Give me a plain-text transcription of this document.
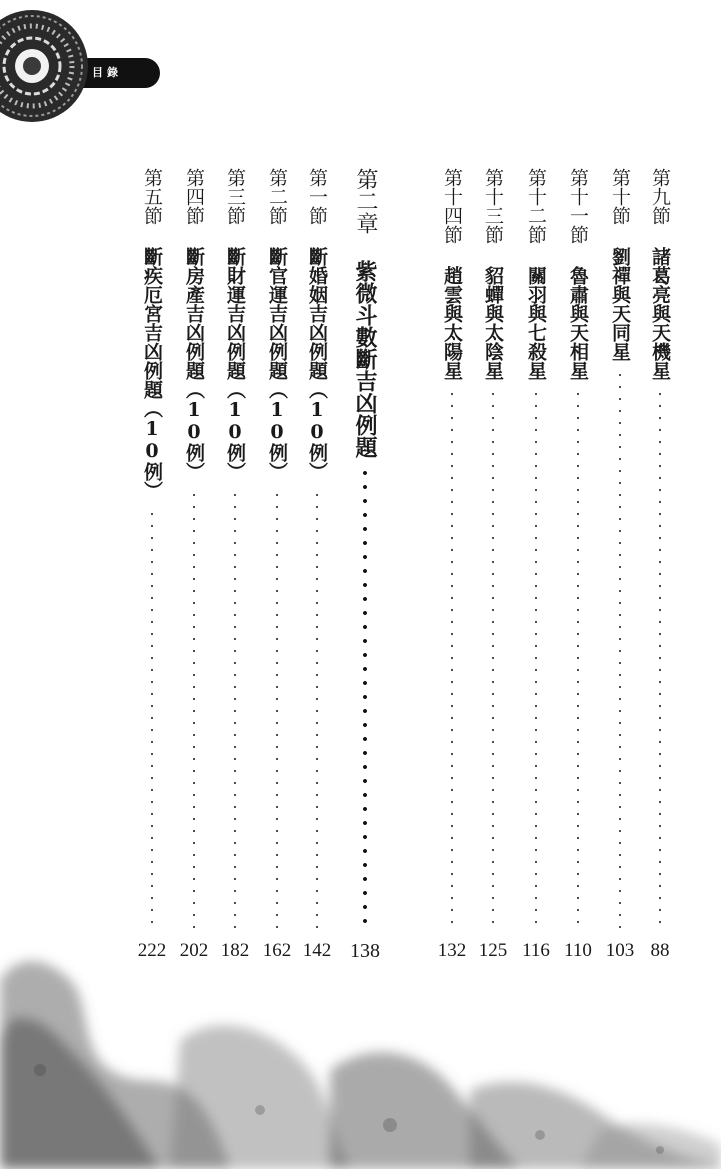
目錄
第九節
諸葛亮與天機星
88
第十節
劉禪與天同星
103
第十一節
魯肅與天相星
110
第十二節
關羽與七殺星
116
第十三節
貂蟬與太陰星
125
第十四節
趙雲與太陽星
132
第二章
紫微斗數斷吉凶例題
138
第一節
斷婚姻吉凶例題（10例）
142
第二節
斷官運吉凶例題（10例）
162
第三節
斷財運吉凶例題（10例）
182
第四節
斷房產吉凶例題（10例）
202
第五節
斷疾厄宮吉凶例題（10例）
222
